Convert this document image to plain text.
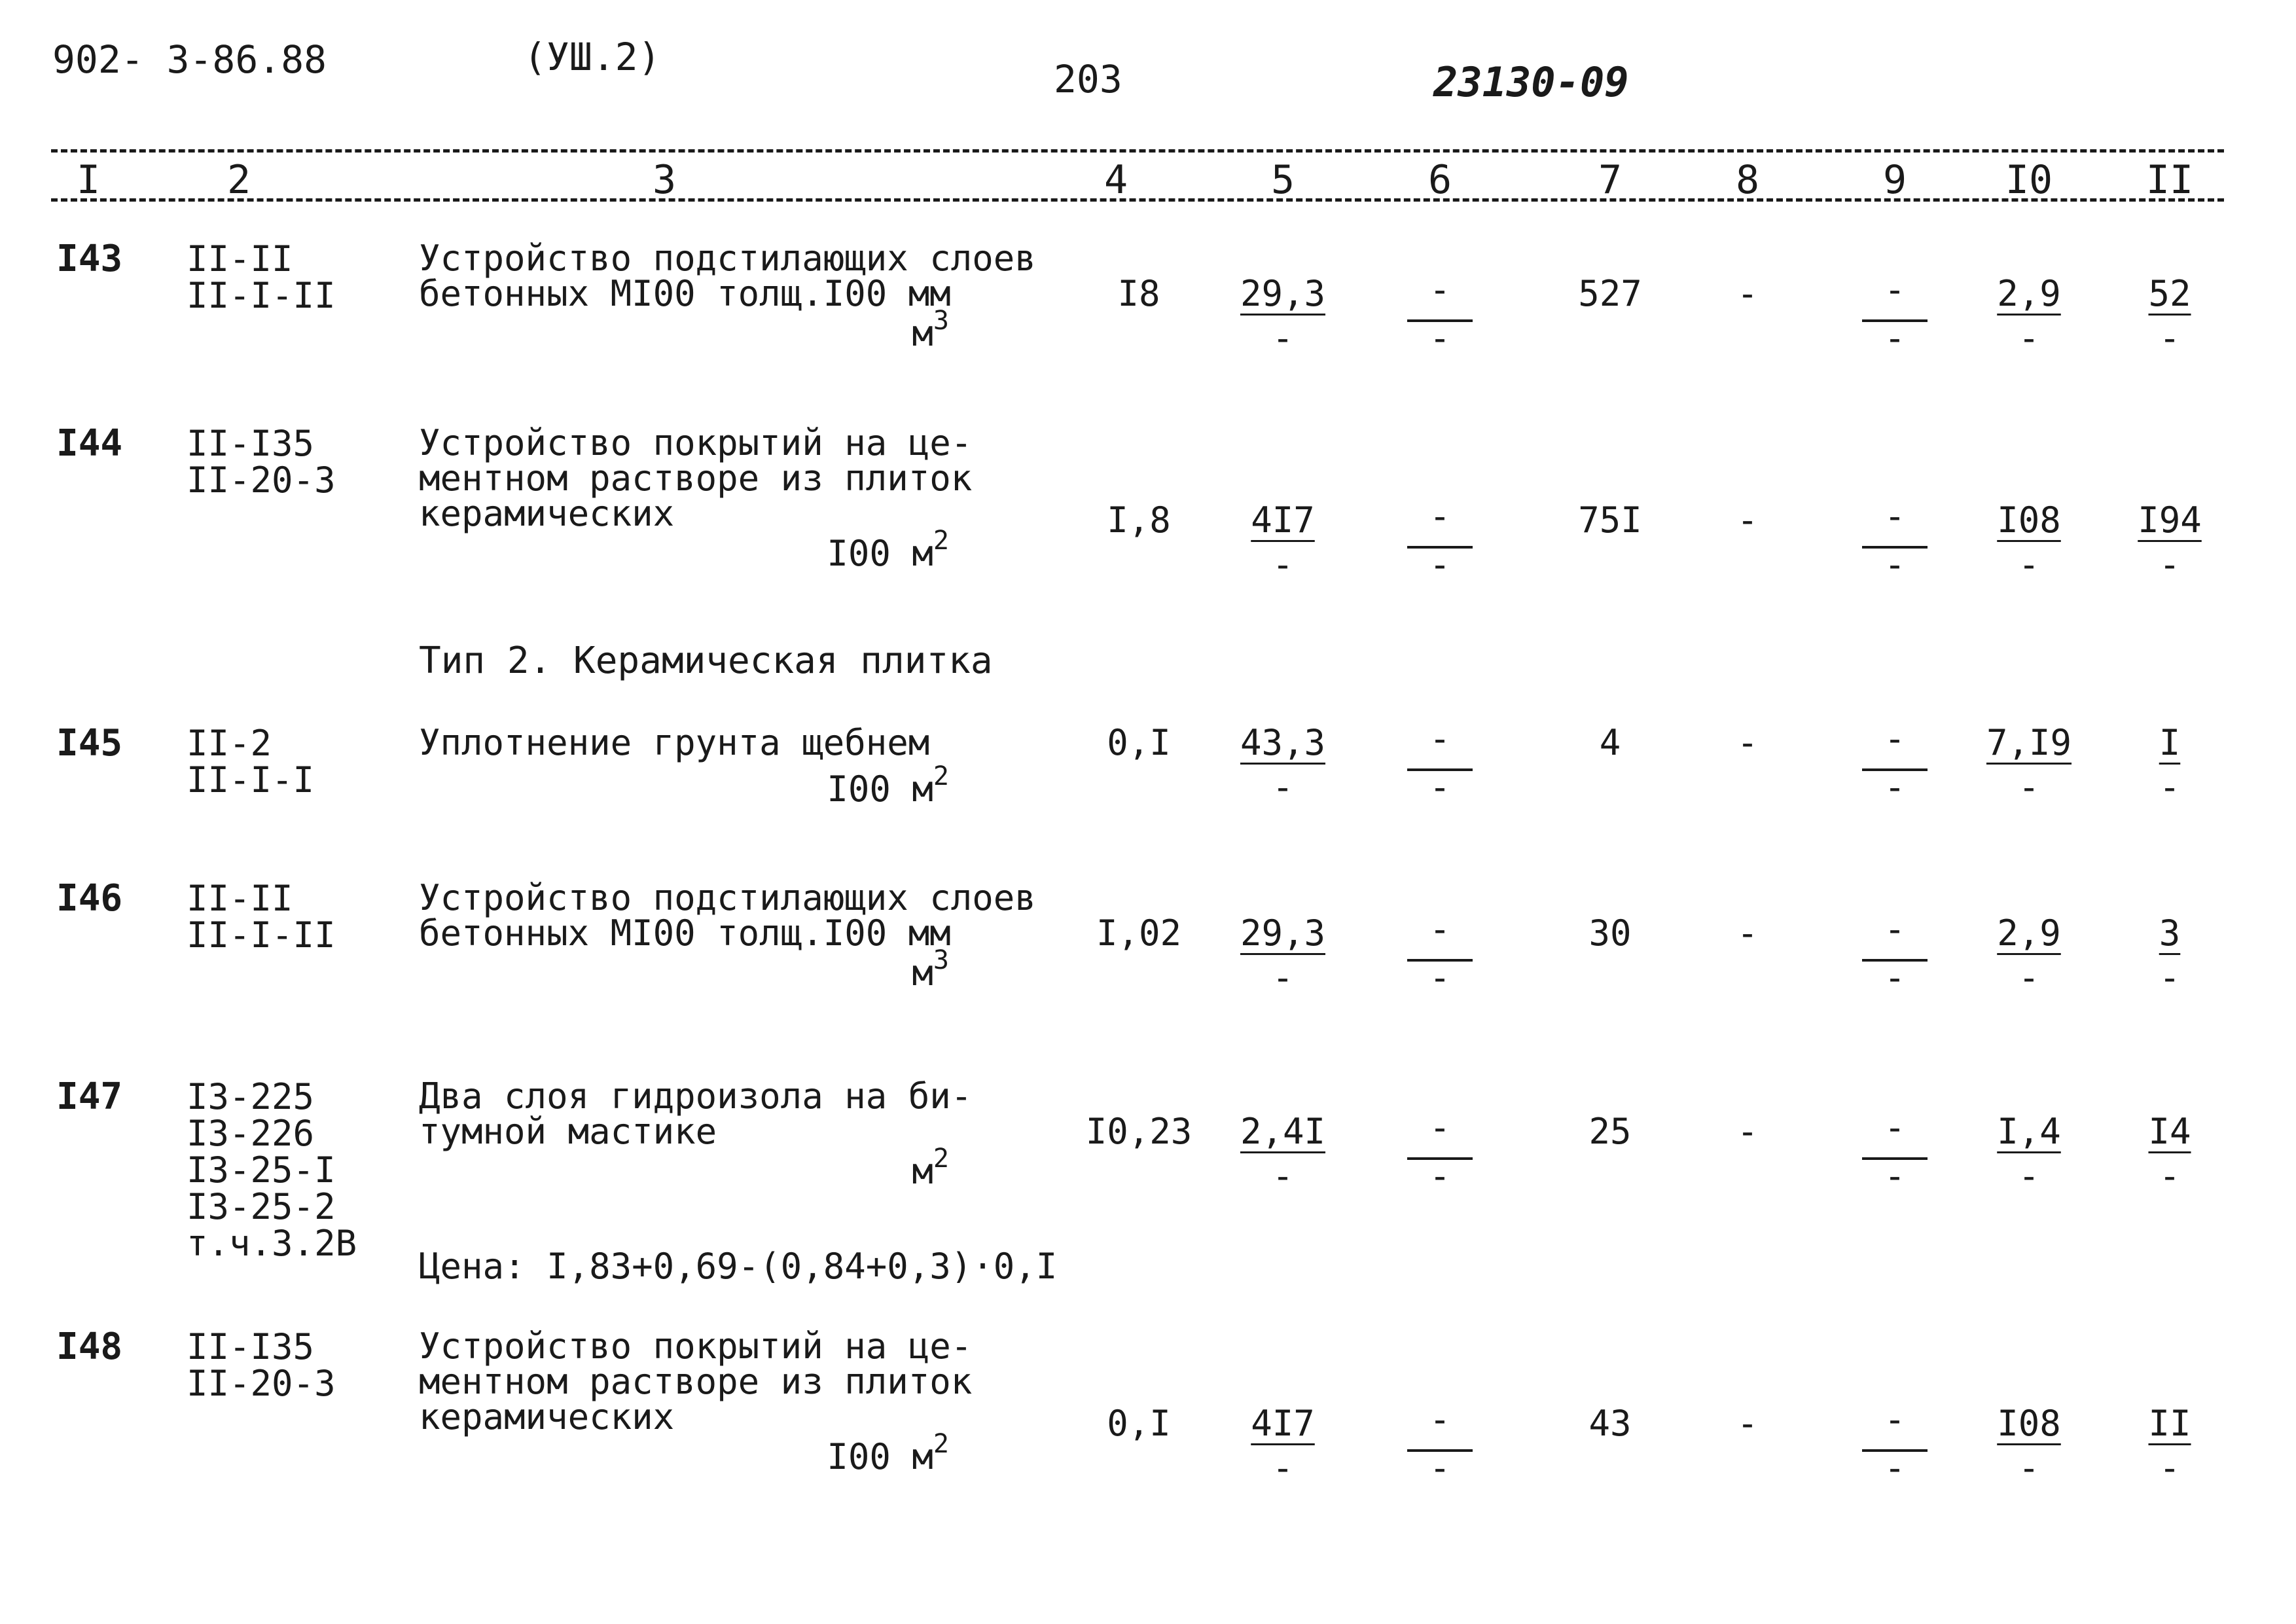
902- 3-86.88	(УШ.2)	203	23130-09
I	2	3	4	5	6	7	8	9	I0	II
Тип 2. Керамическая плитка
I43 II-II
II-I-II
Устройство подстилающих слоев
бетонных МI00 толщ.I00 мм
$м^3$
I8	29,3	-	527	-	-	2,9	52
-	-	-	-	-
I44 II-I35
II-20-3
Устройство покрытий на це-
ментном растворе из плиток
керамических
I00 $м^2$	I,8	4I7	-	75I	-	-	I08	I94
-	-	-	-	-
I45 II-2
II-I-I
Уплотнение грунта щебнем
I00 $м^2$
0,I	43,3	-	4	-	-	7,I9	I
-	-	-	-	-
I46 II-II
II-I-II
Устройство подстилающих слоев
бетонных МI00 толщ.I00 мм
$м^3$
I,02	29,3	-	30	-	-	2,9	3
-	-	-	-	-
I47 I3-225
I3-226
I3-25-I
I3-25-2
т.ч.3.2В
Два слоя гидроизола на би-
тумной мастике
$м^2$
I0,23	2,4I	-	25	-	-	I,4	I4
-	-	-	-	-
Цена: I,83+0,69-(0,84+0,3)·0,I
I48 II-I35
II-20-3
Устройство покрытий на це-
ментном растворе из плиток
керамических
I00 $м^2$	0,I	4I7	-	43	-	-	I08	II
-	-	-	-	-
